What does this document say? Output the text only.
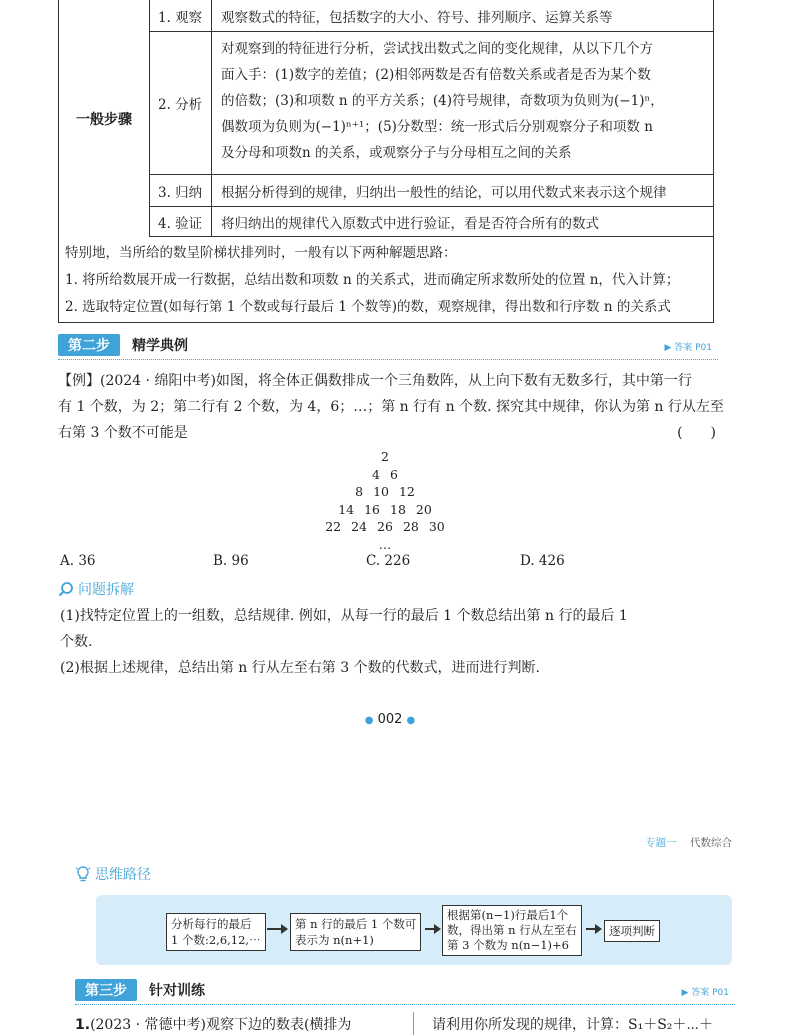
一般步骤
1. 观察	观察数式的特征，包括数字的大小、符号、排列顺序、运算关系等
2. 分析

对观察到的特征进行分析，尝试找出数式之间的变化规律，从以下几个方

面入手：(1)数字的差值；(2)相邻两数是否有倍数关系或者是否为某个数

的倍数；(3)和项数 n 的平方关系；(4)符号规律，奇数项为负则为(−1)ⁿ，

偶数项为负则为(−1)ⁿ⁺¹；(5)分数型：统一形式后分别观察分子和项数 n

及分母和项数n 的关系，或观察分子与分母相互之间的关系

3. 归纳	根据分析得到的规律，归纳出一般性的结论，可以用代数式来表示这个规律
4. 验证	将归纳出的规律代入原数式中进行验证，看是否符合所有的数式

特别地，当所给的数呈阶梯状排列时，一般有以下两种解题思路：

1. 将所给数展开成一行数据，总结出数和项数 n 的关系式，进而确定所求数所处的位置 n，代入计算；

2. 选取特定位置(如每行第 1 个数或每行最后 1 个数等)的数，观察规律，得出数和行序数 n 的关系式

第二步	精学典例	▶ 答案 P01

【例】(2024 · 绵阳中考)如图，将全体正偶数排成一个三角数阵，从上向下数有无数多行，其中第一行

有 1 个数，为 2；第二行有 2 个数，为 4，6；…；第 n 行有 n 个数. 探究其中规律，你认为第 n 行从左至

右第 3 个数不可能是	(　　)
2
4 6
8 10 12
14 16 18 20
22 24 26 28 30
…
A. 36	B. 96	C. 226	D. 426
问题拆解

(1)找特定位置上的一组数，总结规律. 例如，从每一行的最后 1 个数总结出第 n 行的最后 1

个数.

(2)根据上述规律，总结出第 n 行从左至右第 3 个数的代数式，进而进行判断.

● 002 ●
专题一 代数综合
思维路径
分析每行的最后
1 个数:2,6,12,⋯
第 n 行的最后 1 个数可
表示为 n(n+1)
根据第(n−1)行最后1个
数，得出第 n 行从左至右
第 3 个数为 n(n−1)+6
逐项判断
第三步	针对训练	▶ 答案 P01
1.(2023 · 常德中考)观察下边的数表(横排为	请利用你所发现的规律，计算：S₁＋S₂＋⋯＋
